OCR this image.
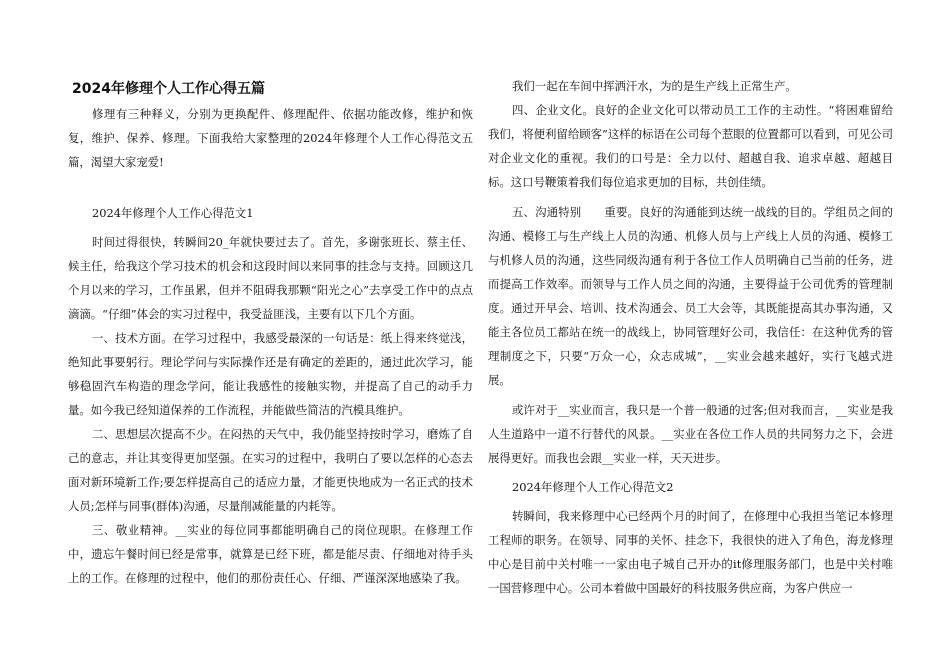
2024年修理个人工作心得五篇

修理有三种释义，分别为更换配件、修理配件、依据功能改修，维护和恢复，维护、保养、修理。下面我给大家整理的2024年修理个人工作心得范文五篇，渴望大家宠爱!

2024年修理个人工作心得范文1

时间过得很快，转瞬间20_年就快要过去了。首先，多谢张班长、蔡主任、候主任，给我这个学习技术的机会和这段时间以来同事的挂念与支持。回顾这几个月以来的学习，工作虽累，但并不阻碍我那颗“阳光之心”去享受工作中的点点滴滴。“仔细”体会的实习过程中，我受益匪浅，主要有以下几个方面。

一、技术方面。在学习过程中，我感受最深的一句话是：纸上得来终觉浅，绝知此事要躬行。理论学问与实际操作还是有确定的差距的，通过此次学习，能够稳固汽车构造的理念学问，能让我感性的接触实物，并提高了自己的动手力量。如今我已经知道保养的工作流程，并能做些简洁的汽模具维护。

二、思想层次提高不少。在闷热的天气中，我仍能坚持按时学习，磨炼了自己的意志，并让其变得更加坚强。在实习的过程中，我明白了要以怎样的心态去面对新环境新工作;要怎样提高自己的适应力量，才能更快地成为一名正式的技术人员;怎样与同事(群体)沟通，尽量削减能量的内耗等。

三、敬业精神。__实业的每位同事都能明确自己的岗位现职。在修理工作中，遗忘午餐时间已经是常事，就算是已经下班，都是能尽责、仔细地对待手头上的工作。在修理的过程中，他们的那份责任心、仔细、严谨深深地感染了我。

我们一起在车间中挥洒汗水，为的是生产线上正常生产。

四、企业文化。良好的企业文化可以带动员工工作的主动性。“将困难留给我们，将便利留给顾客”这样的标语在公司每个惹眼的位置都可以看到，可见公司对企业文化的重视。我们的口号是：全力以付、超越自我、追求卓越、超越目标。这口号鞭策着我们每位追求更加的目标，共创佳绩。

五、沟通特别　　重要。良好的沟通能到达统一战线的目的。学组员之间的沟通、模修工与生产线上人员的沟通、机修人员与上产线上人员的沟通、模修工与机修人员的沟通，这些同级沟通有利于各位工作人员明确自己当前的任务，进而提高工作效率。而领导与工作人员之间的沟通，主要得益于公司优秀的管理制度。通过开早会、培训、技术沟通会、员工大会等，其既能提高其办事沟通，又能主各位员工都站在统一的战线上，协同管理好公司，我信任：在这种优秀的管理制度之下，只要“万众一心，众志成城”，__实业会越来越好，实行飞越式进展。

或许对于__实业而言，我只是一个普一般通的过客;但对我而言，__实业是我人生道路中一道不行替代的风景。__实业在各位工作人员的共同努力之下，会进展得更好。而我也会跟__实业一样，天天进步。

2024年修理个人工作心得范文2

转瞬间，我来修理中心已经两个月的时间了，在修理中心我担当笔记本修理工程师的职务。在领导、同事的关怀、挂念下，我很快的进入了角色，海龙修理中心是目前中关村唯一一家由电子城自己开办的it修理服务部门，也是中关村唯一国营修理中心。公司本着做中国最好的科技服务供应商，为客户供应一
